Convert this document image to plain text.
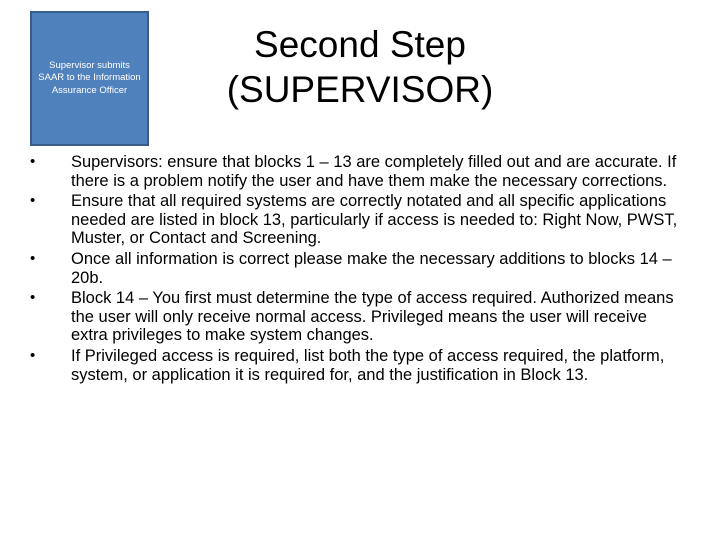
Supervisor submits SAAR to the Information Assurance Officer
Second Step
(SUPERVISOR)
•	Supervisors: ensure that blocks 1 – 13 are completely filled out and are accurate. If there is a problem notify the user and have them make the necessary corrections.
•	Ensure that all required systems are correctly notated and all specific applications needed are listed in block 13, particularly if access is needed to: Right Now, PWST, Muster, or Contact and Screening.
•	Once all information is correct please make the necessary additions to blocks 14 – 20b.
•	Block 14 – You first must determine the type of access required. Authorized means the user will only receive normal access. Privileged means the user will receive extra privileges to make system changes.
•	If Privileged access is required, list both the type of access required, the platform, system, or application it is required for, and the justification in Block 13.
